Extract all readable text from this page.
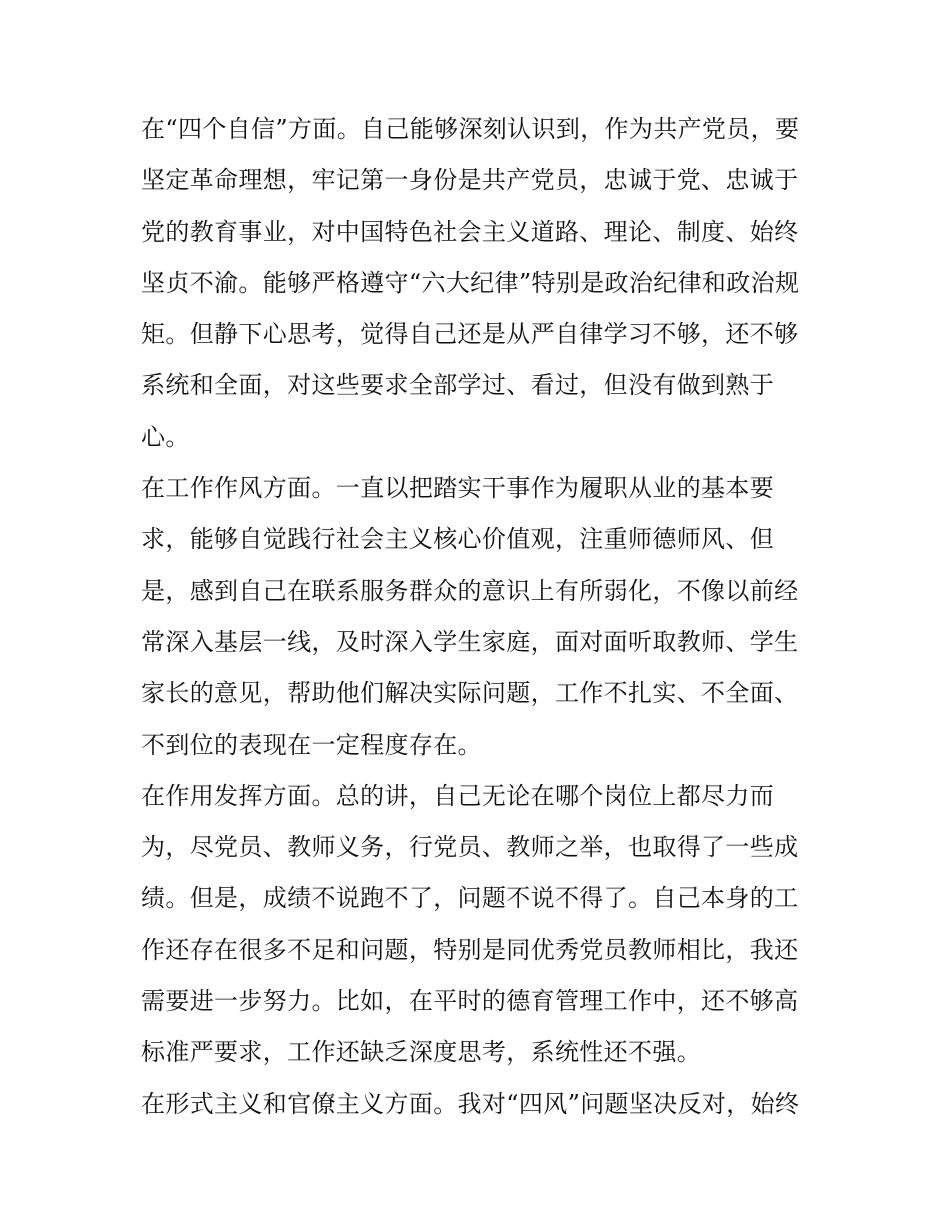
在“四个自信”方面。自己能够深刻认识到，作为共产党员，要
坚定革命理想，牢记第一身份是共产党员，忠诚于党、忠诚于
党的教育事业，对中国特色社会主义道路、理论、制度、始终
坚贞不渝。能够严格遵守“六大纪律”特别是政治纪律和政治规
矩。但静下心思考，觉得自己还是从严自律学习不够，还不够
系统和全面，对这些要求全部学过、看过，但没有做到熟于
心。
在工作作风方面。一直以把踏实干事作为履职从业的基本要
求，能够自觉践行社会主义核心价值观，注重师德师风、但
是，感到自己在联系服务群众的意识上有所弱化，不像以前经
常深入基层一线，及时深入学生家庭，面对面听取教师、学生
家长的意见，帮助他们解决实际问题，工作不扎实、不全面、
不到位的表现在一定程度存在。
在作用发挥方面。总的讲，自己无论在哪个岗位上都尽力而
为，尽党员、教师义务，行党员、教师之举，也取得了一些成
绩。但是，成绩不说跑不了，问题不说不得了。自己本身的工
作还存在很多不足和问题，特别是同优秀党员教师相比，我还
需要进一步努力。比如，在平时的德育管理工作中，还不够高
标准严要求，工作还缺乏深度思考，系统性还不强。
在形式主义和官僚主义方面。我对“四风”问题坚决反对，始终
